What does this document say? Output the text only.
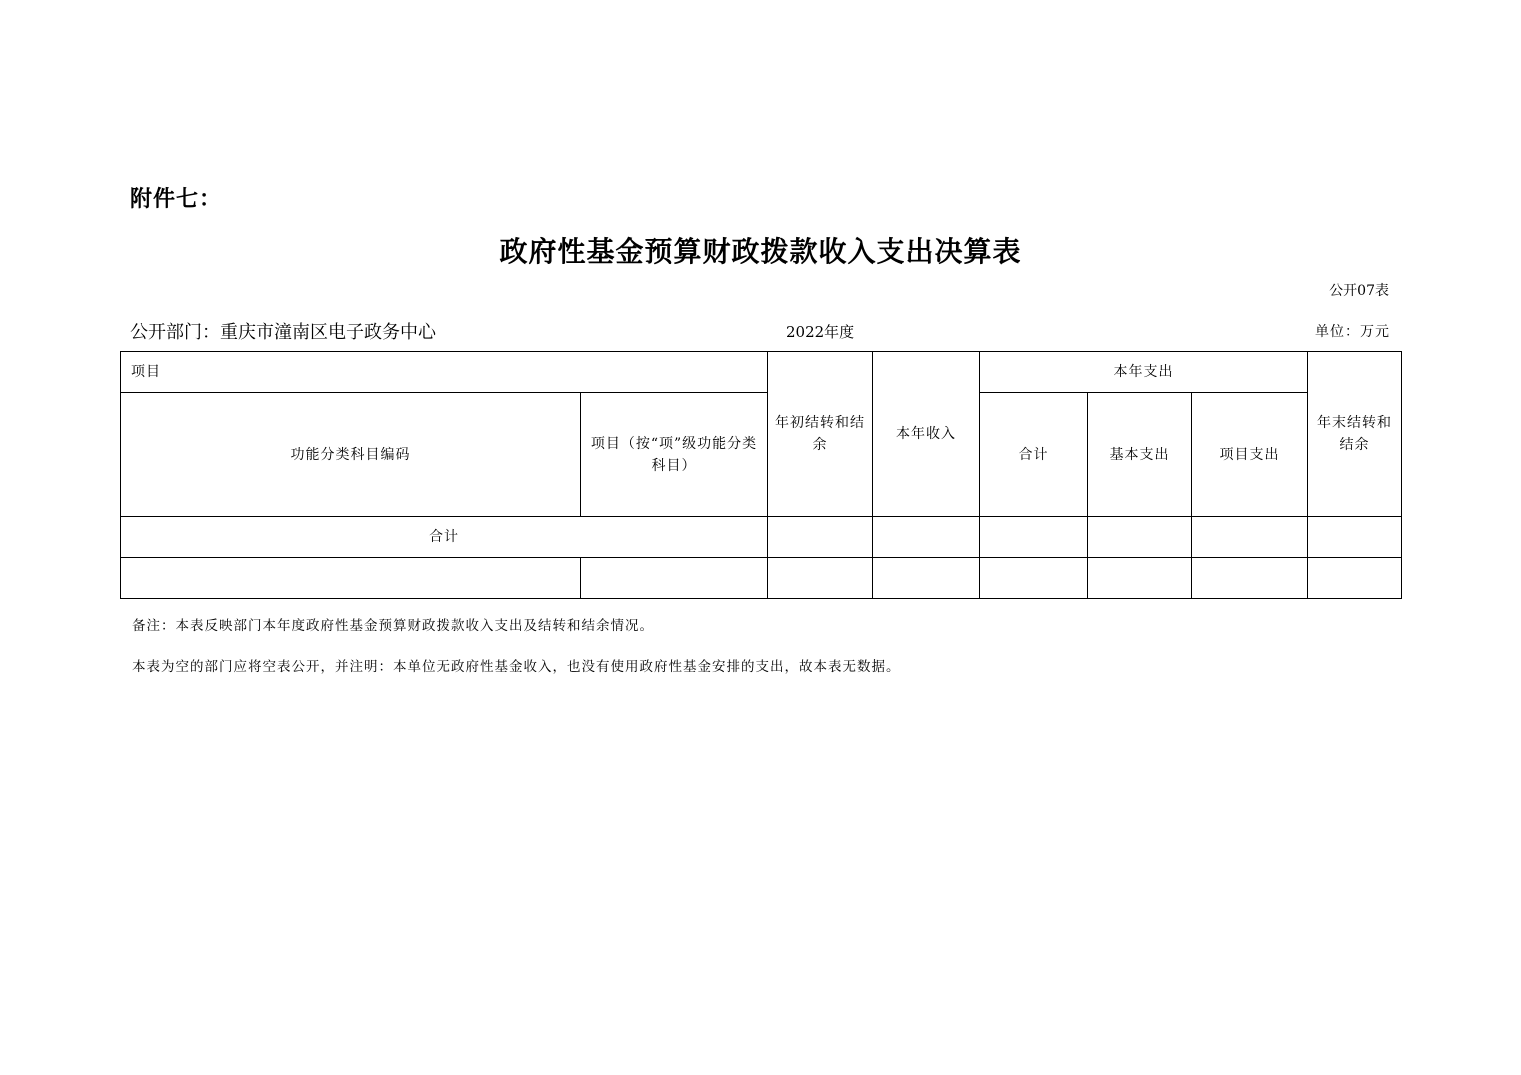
附件七：
政府性基金预算财政拨款收入支出决算表
公开07表
公开部门：重庆市潼南区电子政务中心	2022年度	单位：万元
项目		年初结转和结余	本年收入	本年支出			年末结转和结余
功能分类科目编码	项目（按“项”级功能分类科目）			合计	基本支出	项目支出	
合计							

备注：本表反映部门本年度政府性基金预算财政拨款收入支出及结转和结余情况。
本表为空的部门应将空表公开，并注明：本单位无政府性基金收入，也没有使用政府性基金安排的支出，故本表无数据。
